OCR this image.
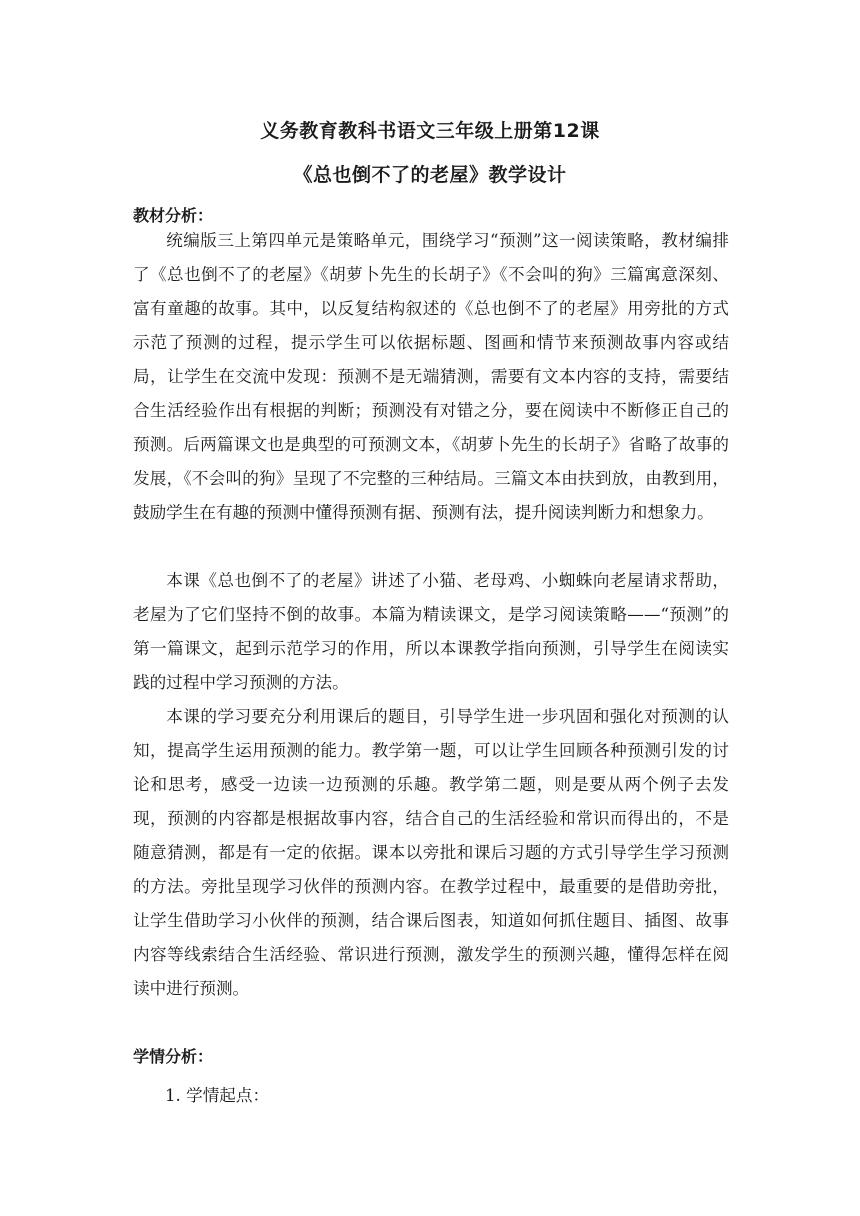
义务教育教科书语文三年级上册第12课
《总也倒不了的老屋》教学设计
教材分析：

统编版三上第四单元是策略单元，围绕学习“预测”这一阅读策略，教材编排了《总也倒不了的老屋》《胡萝卜先生的长胡子》《不会叫的狗》三篇寓意深刻、富有童趣的故事。其中，以反复结构叙述的《总也倒不了的老屋》用旁批的方式示范了预测的过程，提示学生可以依据标题、图画和情节来预测故事内容或结局，让学生在交流中发现：预测不是无端猜测，需要有文本内容的支持，需要结合生活经验作出有根据的判断；预测没有对错之分，要在阅读中不断修正自己的预测。后两篇课文也是典型的可预测文本，《胡萝卜先生的长胡子》省略了故事的发展，《不会叫的狗》呈现了不完整的三种结局。三篇文本由扶到放，由教到用，鼓励学生在有趣的预测中懂得预测有据、预测有法，提升阅读判断力和想象力。

本课《总也倒不了的老屋》讲述了小猫、老母鸡、小蜘蛛向老屋请求帮助，老屋为了它们坚持不倒的故事。本篇为精读课文，是学习阅读策略——“预测”的第一篇课文，起到示范学习的作用，所以本课教学指向预测，引导学生在阅读实践的过程中学习预测的方法。

本课的学习要充分利用课后的题目，引导学生进一步巩固和强化对预测的认知，提高学生运用预测的能力。教学第一题，可以让学生回顾各种预测引发的讨论和思考，感受一边读一边预测的乐趣。教学第二题，则是要从两个例子去发现，预测的内容都是根据故事内容，结合自己的生活经验和常识而得出的，不是随意猜测，都是有一定的依据。课本以旁批和课后习题的方式引导学生学习预测的方法。旁批呈现学习伙伴的预测内容。在教学过程中，最重要的是借助旁批，让学生借助学习小伙伴的预测，结合课后图表，知道如何抓住题目、插图、故事内容等线索结合生活经验、常识进行预测，激发学生的预测兴趣，懂得怎样在阅读中进行预测。

学情分析：
1. 学情起点：
